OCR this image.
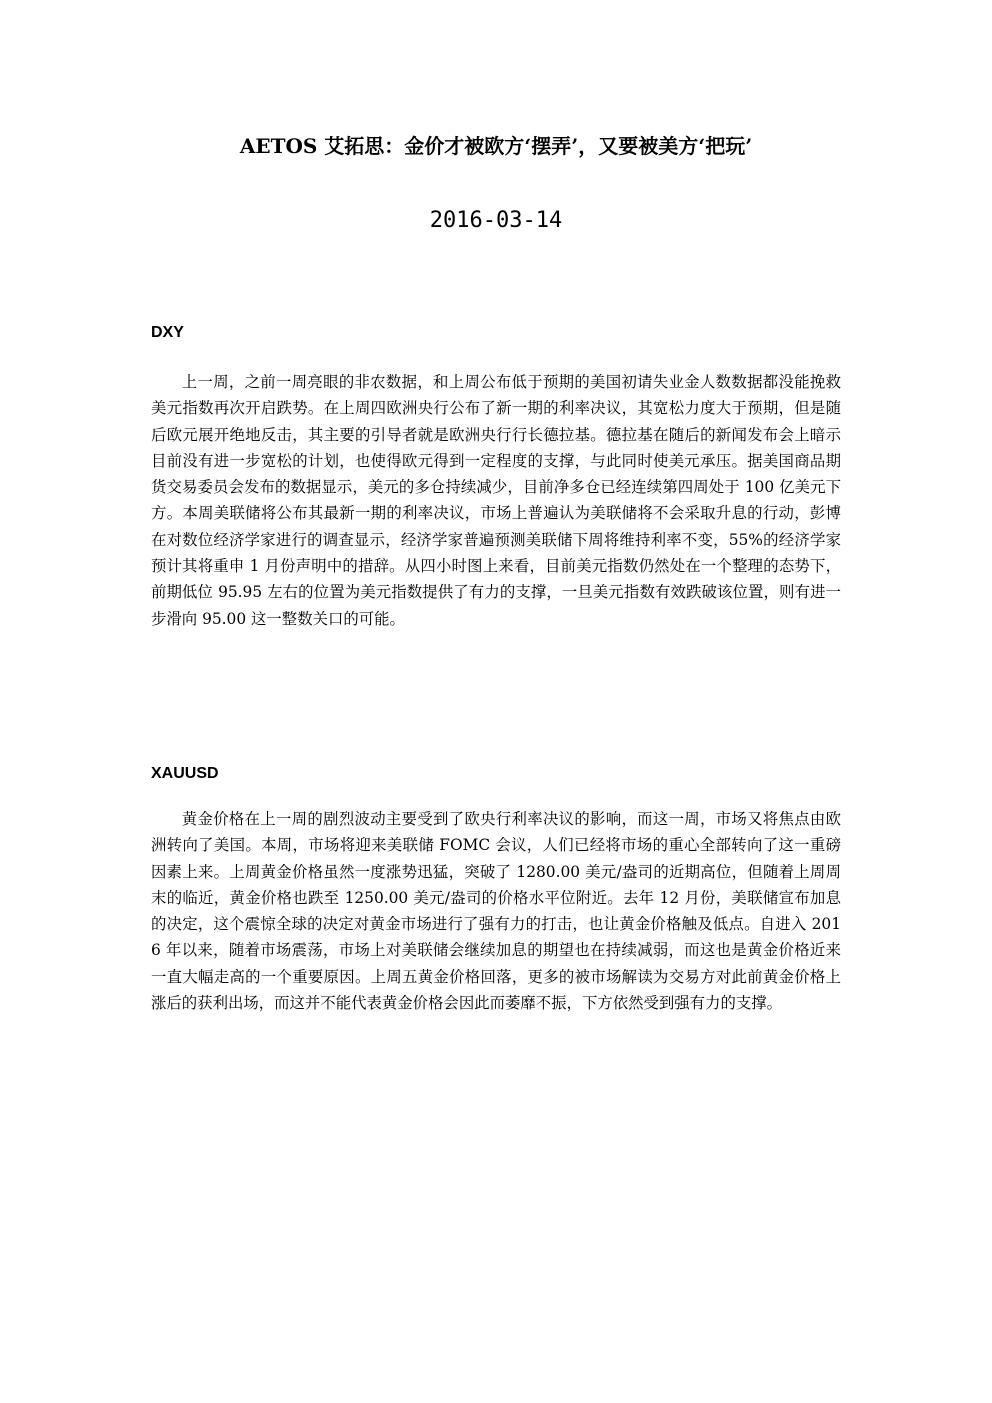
AETOS 艾拓思：金价才被欧方‘摆弄’，又要被美方‘把玩’
2016-03-14
DXY

上一周，之前一周亮眼的非农数据，和上周公布低于预期的美国初请失业金人数数据都没能挽救美元指数再次开启跌势。在上周四欧洲央行公布了新一期的利率决议，其宽松力度大于预期，但是随后欧元展开绝地反击，其主要的引导者就是欧洲央行行长德拉基。德拉基在随后的新闻发布会上暗示目前没有进一步宽松的计划，也使得欧元得到一定程度的支撑，与此同时使美元承压。据美国商品期货交易委员会发布的数据显示，美元的多仓持续减少，目前净多仓已经连续第四周处于 100 亿美元下方。本周美联储将公布其最新一期的利率决议，市场上普遍认为美联储将不会采取升息的行动，彭博在对数位经济学家进行的调查显示，经济学家普遍预测美联储下周将维持利率不变，55%的经济学家预计其将重申 1 月份声明中的措辞。从四小时图上来看，目前美元指数仍然处在一个整理的态势下，前期低位 95.95 左右的位置为美元指数提供了有力的支撑，一旦美元指数有效跌破该位置，则有进一步滑向 95.00 这一整数关口的可能。

XAUUSD

黄金价格在上一周的剧烈波动主要受到了欧央行利率决议的影响，而这一周，市场又将焦点由欧洲转向了美国。本周，市场将迎来美联储 FOMC 会议，人们已经将市场的重心全部转向了这一重磅因素上来。上周黄金价格虽然一度涨势迅猛，突破了 1280.00 美元/盎司的近期高位，但随着上周周末的临近，黄金价格也跌至 1250.00 美元/盎司的价格水平位附近。去年 12 月份，美联储宣布加息的决定，这个震惊全球的决定对黄金市场进行了强有力的打击，也让黄金价格触及低点。自进入 2016 年以来，随着市场震荡，市场上对美联储会继续加息的期望也在持续减弱，而这也是黄金价格近来一直大幅走高的一个重要原因。上周五黄金价格回落，更多的被市场解读为交易方对此前黄金价格上涨后的获利出场，而这并不能代表黄金价格会因此而萎靡不振，下方依然受到强有力的支撑。
